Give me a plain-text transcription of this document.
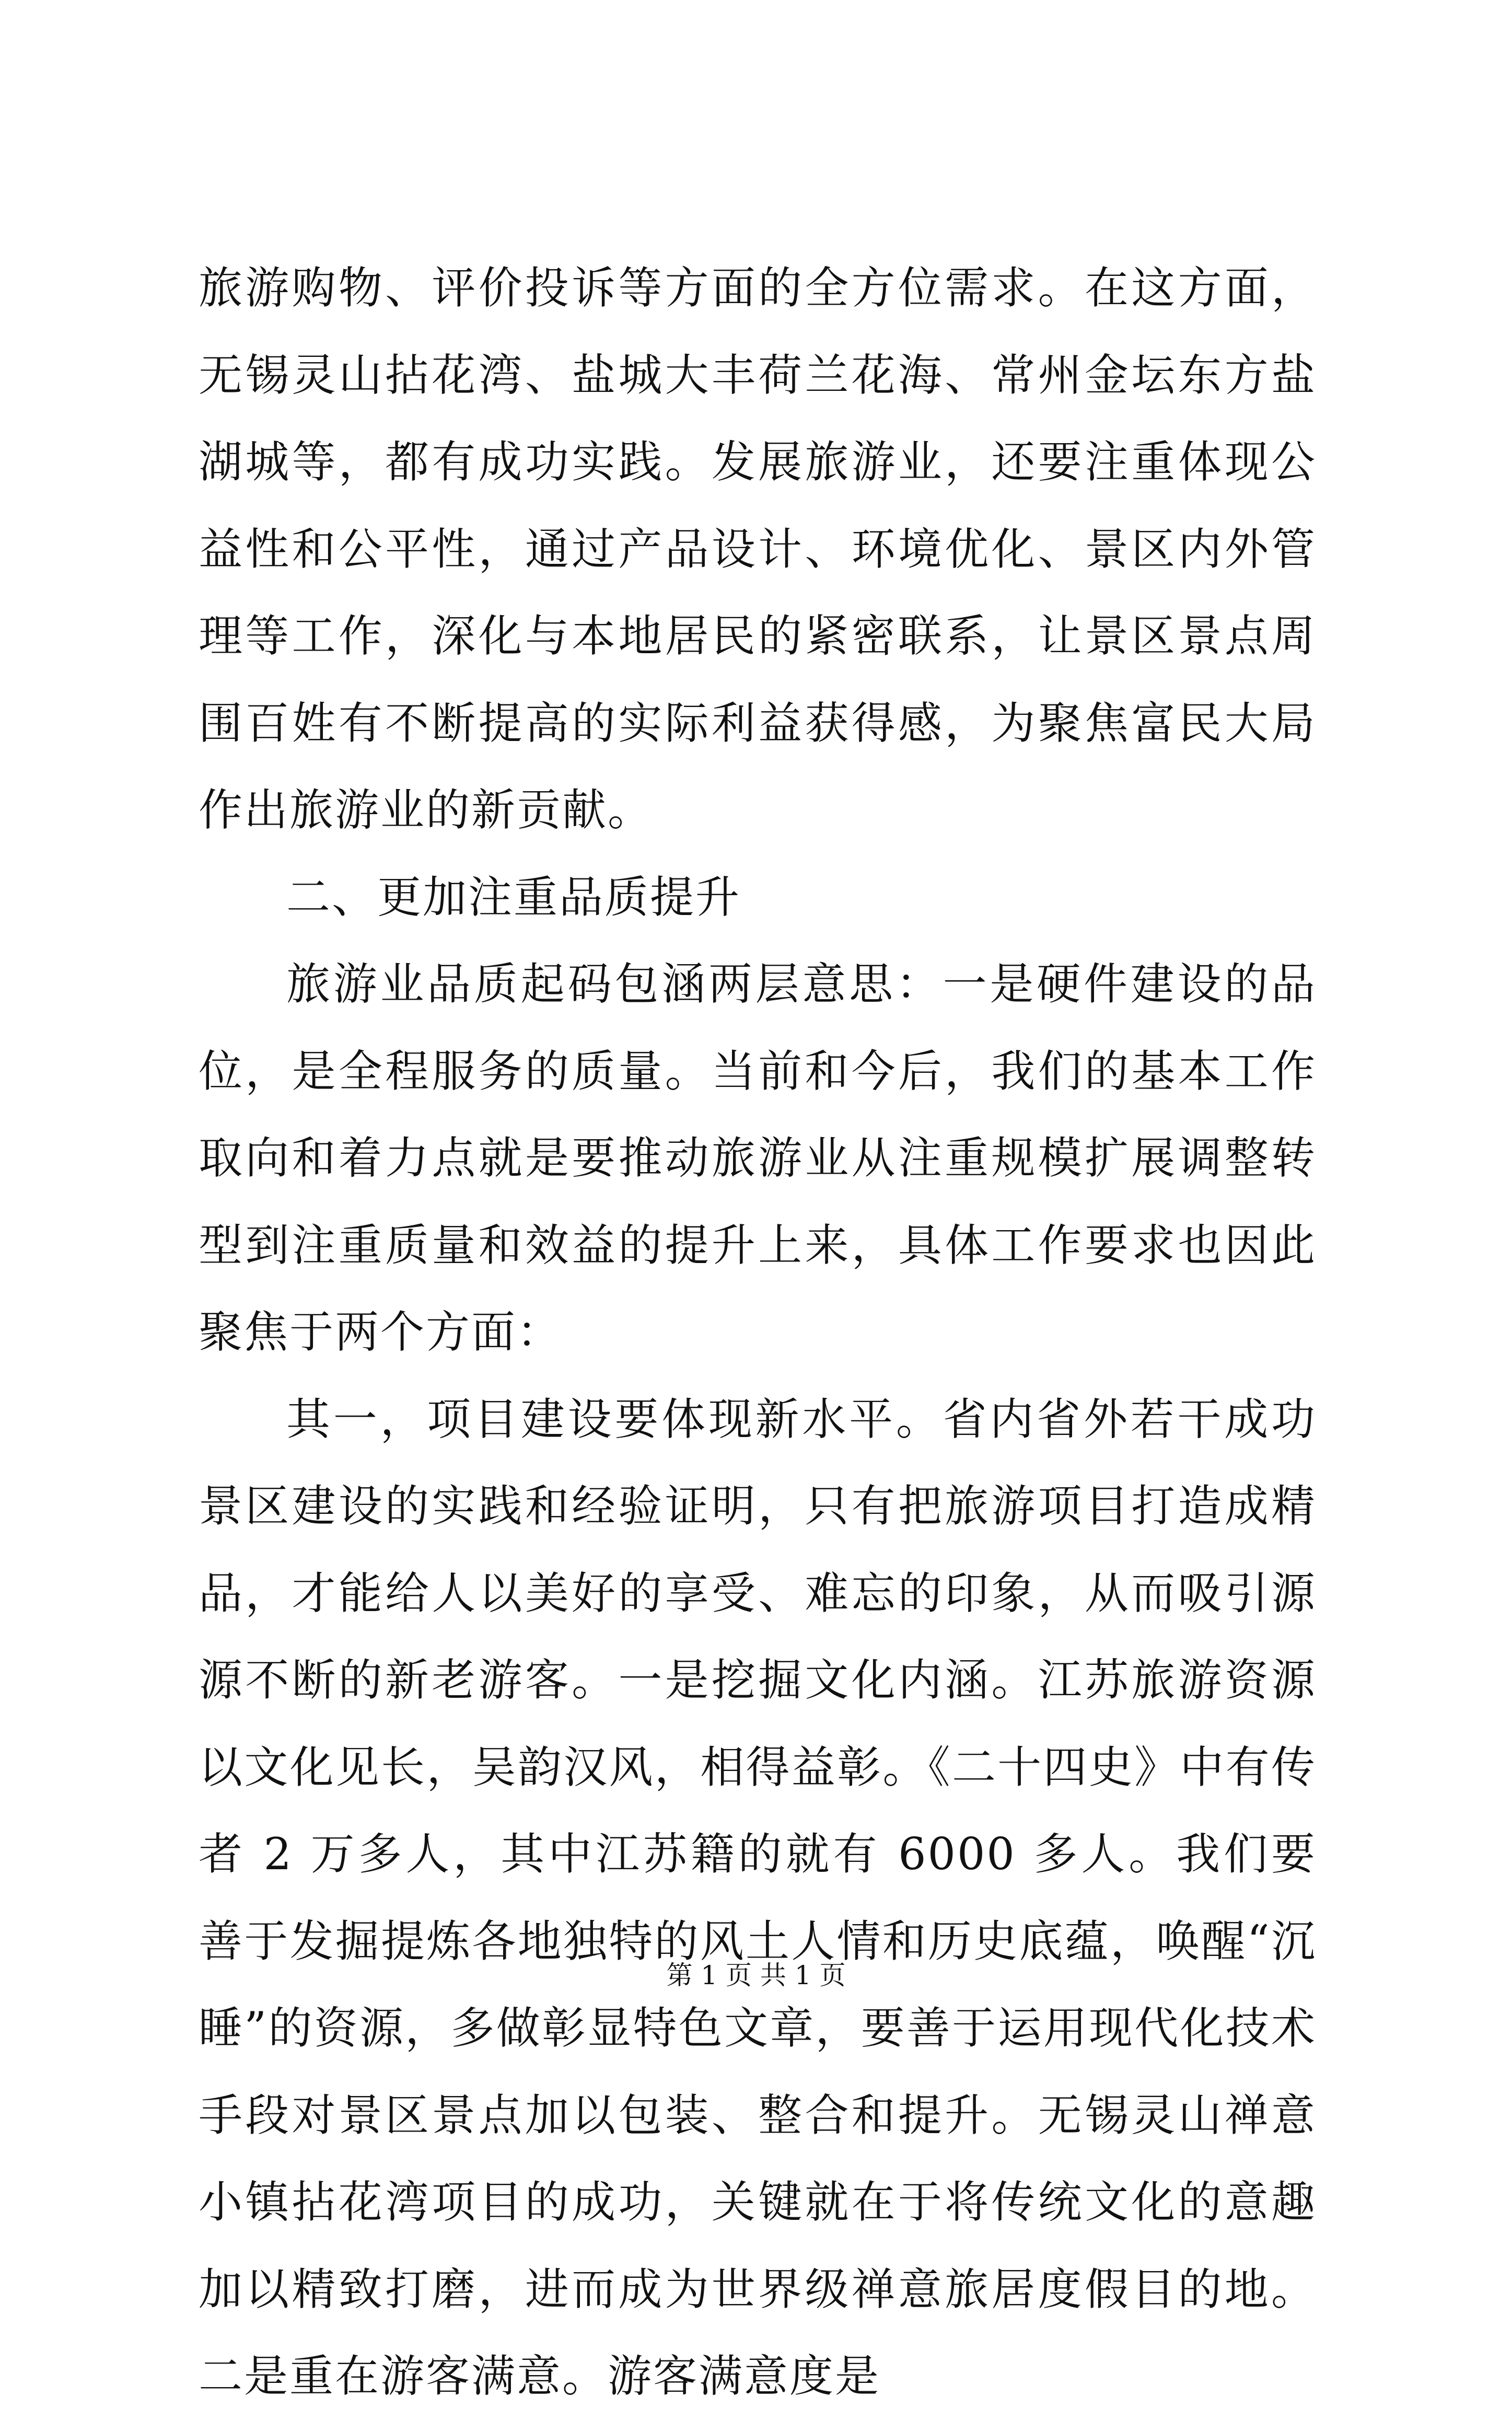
旅游购物、评价投诉等方面的全方位需求。在这方面，无锡灵山拈花湾、盐城大丰荷兰花海、常州金坛东方盐湖城等，都有成功实践。发展旅游业，还要注重体现公益性和公平性，通过产品设计、环境优化、景区内外管理等工作，深化与本地居民的紧密联系，让景区景点周围百姓有不断提高的实际利益获得感，为聚焦富民大局作出旅游业的新贡献。

二、更加注重品质提升

旅游业品质起码包涵两层意思：一是硬件建设的品位，是全程服务的质量。当前和今后，我们的基本工作取向和着力点就是要推动旅游业从注重规模扩展调整转型到注重质量和效益的提升上来，具体工作要求也因此聚焦于两个方面：

其一，项目建设要体现新水平。省内省外若干成功景区建设的实践和经验证明，只有把旅游项目打造成精品，才能给人以美好的享受、难忘的印象，从而吸引源源不断的新老游客。一是挖掘文化内涵。江苏旅游资源以文化见长，吴韵汉风，相得益彰。《二十四史》中有传者 2 万多人，其中江苏籍的就有 6000 多人。我们要善于发掘提炼各地独特的风土人情和历史底蕴，唤醒“沉睡”的资源，多做彰显特色文章，要善于运用现代化技术手段对景区景点加以包装、整合和提升。无锡灵山禅意小镇拈花湾项目的成功，关键就在于将传统文化的意趣加以精致打磨，进而成为世界级禅意旅居度假目的地。二是重在游客满意。游客满意度是

第 1 页 共 1 页
